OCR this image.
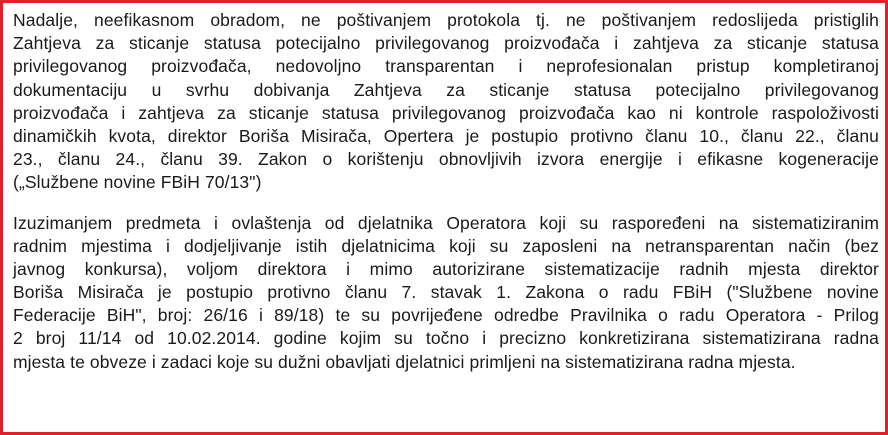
Nadalje, neefikasnom obradom, ne poštivanjem protokola tj. ne poštivanjem redoslijeda pristiglih
Zahtjeva za sticanje statusa potecijalno privilegovanog proizvođača i zahtjeva za sticanje statusa
privilegovanog proizvođača, nedovoljno transparentan i neprofesionalan pristup kompletiranoj
dokumentaciju u svrhu dobivanja Zahtjeva za sticanje statusa potecijalno privilegovanog
proizvođača i zahtjeva za sticanje statusa privilegovanog proizvođača kao ni kontrole raspoloživosti
dinamičkih kvota, direktor Boriša Misirača, Opertera je postupio protivno članu 10., članu 22., članu
23., članu 24., članu 39. Zakon o korištenju obnovljivih izvora energije i efikasne kogeneracije
(„Službene novine FBiH 70/13")
Izuzimanjem predmeta i ovlaštenja od djelatnika Operatora koji su raspoređeni na sistematiziranim
radnim mjestima i dodjeljivanje istih djelatnicima koji su zaposleni na netransparentan način (bez
javnog konkursa), voljom direktora i mimo autorizirane sistematizacije radnih mjesta direktor
Boriša Misirača je postupio protivno članu 7. stavak 1. Zakona o radu FBiH ("Službene novine
Federacije BiH", broj: 26/16 i 89/18) te su povrijeđene odredbe Pravilnika o radu Operatora - Prilog
2 broj 11/14 od 10.02.2014. godine kojim su točno i precizno konkretizirana sistematizirana radna
mjesta te obveze i zadaci koje su dužni obavljati djelatnici primljeni na sistematizirana radna mjesta.
